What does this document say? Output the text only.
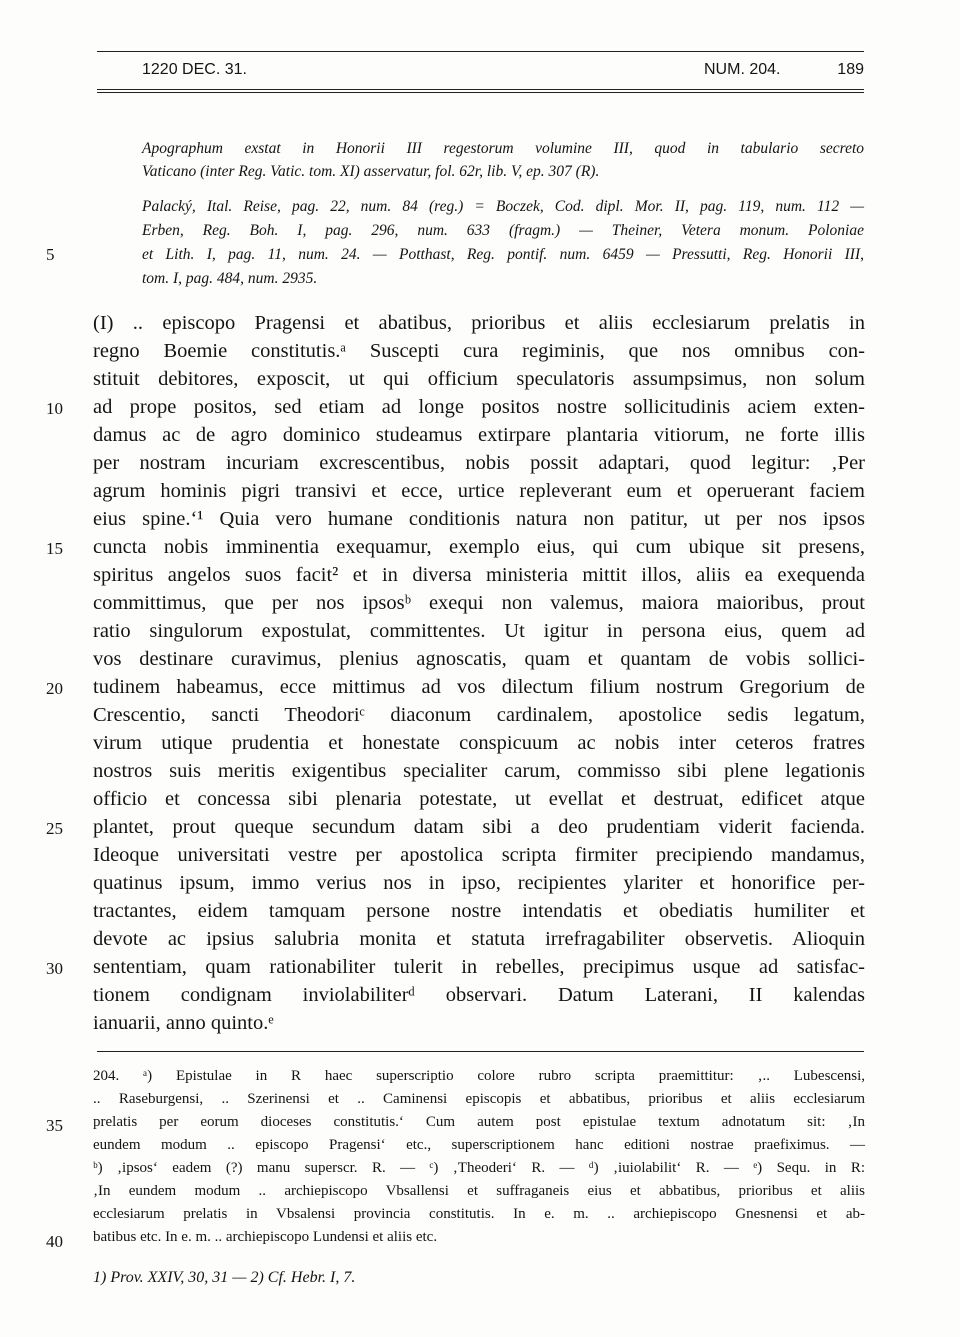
1220 DEC. 31.	NUM. 204.	189
Apographum exstat in Honorii III regestorum volumine III, quod in tabulario secreto
Vaticano (inter Reg. Vatic. tom. XI) asservatur, fol. 62r, lib. V, ep. 307 (R).
Palacký, Ital. Reise, pag. 22, num. 84 (reg.) = Boczek, Cod. dipl. Mor. II, pag. 119, num. 112 —
Erben, Reg. Boh. I, pag. 296, num. 633 (fragm.) — Theiner, Vetera monum. Poloniae
et Lith. I, pag. 11, num. 24. — Potthast, Reg. pontif. num. 6459 — Pressutti, Reg. Honorii III,
tom. I, pag. 484, num. 2935.
5
(I) .. episcopo Pragensi et abatibus, prioribus et aliis ecclesiarum prelatis in
regno Boemie constitutis.ᵃ Suscepti cura regiminis, que nos omnibus con-
stituit debitores, exposcit, ut qui officium speculatoris assumpsimus, non solum
ad prope positos, sed etiam ad longe positos nostre sollicitudinis aciem exten-
damus ac de agro dominico studeamus extirpare plantaria vitiorum, ne forte illis
per nostram incuriam excrescentibus, nobis possit adaptari, quod legitur: ‚Per
agrum hominis pigri transivi et ecce, urtice repleverant eum et operuerant faciem
eius spine.‘¹ Quia vero humane conditionis natura non patitur, ut per nos ipsos
cuncta nobis imminentia exequamur, exemplo eius, qui cum ubique sit presens,
spiritus angelos suos facit² et in diversa ministeria mittit illos, aliis ea exequenda
committimus, que per nos ipsosᵇ exequi non valemus, maiora maioribus, prout
ratio singulorum expostulat, committentes. Ut igitur in persona eius, quem ad
vos destinare curavimus, plenius agnoscatis, quam et quantam de vobis sollici-
tudinem habeamus, ecce mittimus ad vos dilectum filium nostrum Gregorium de
Crescentio, sancti Theodoriᶜ diaconum cardinalem, apostolice sedis legatum,
virum utique prudentia et honestate conspicuum ac nobis inter ceteros fratres
nostros suis meritis exigentibus specialiter carum, commisso sibi plene legationis
officio et concessa sibi plenaria potestate, ut evellat et destruat, edificet atque
plantet, prout queque secundum datam sibi a deo prudentiam viderit facienda.
Ideoque universitati vestre per apostolica scripta firmiter precipiendo mandamus,
quatinus ipsum, immo verius nos in ipso, recipientes ylariter et honorifice per-
tractantes, eidem tamquam persone nostre intendatis et obediatis humiliter et
devote ac ipsius salubria monita et statuta irrefragabiliter observetis. Alioquin
sententiam, quam rationabiliter tulerit in rebelles, precipimus usque ad satisfac-
tionem condignam inviolabiliterᵈ observari. Datum Laterani, II kalendas
ianuarii, anno quinto.ᵉ
10
15
20
25
30
204. ᵃ) Epistulae in R haec superscriptio colore rubro scripta praemittitur: ‚.. Lubescensi,
.. Raseburgensi, .. Szerinensi et .. Caminensi episcopis et abbatibus, prioribus et aliis ecclesiarum
prelatis per eorum dioceses constitutis.‘ Cum autem post epistulae textum adnotatum sit: ‚In
eundem modum .. episcopo Pragensi‘ etc., superscriptionem hanc editioni nostrae praefiximus. —
ᵇ) ‚ipsos‘ eadem (?) manu superscr. R. — ᶜ) ‚Theoderi‘ R. — ᵈ) ‚iuiolabilit‘ R. — ᵉ) Sequ. in R:
‚In eundem modum .. archiepiscopo Vbsallensi et suffraganeis eius et abbatibus, prioribus et aliis
ecclesiarum prelatis in Vbsalensi provincia constitutis. In e. m. .. archiepiscopo Gnesnensi et ab-
batibus etc. In e. m. .. archiepiscopo Lundensi et aliis etc.
35
40
1) Prov. XXIV, 30, 31 — 2) Cf. Hebr. I, 7.
